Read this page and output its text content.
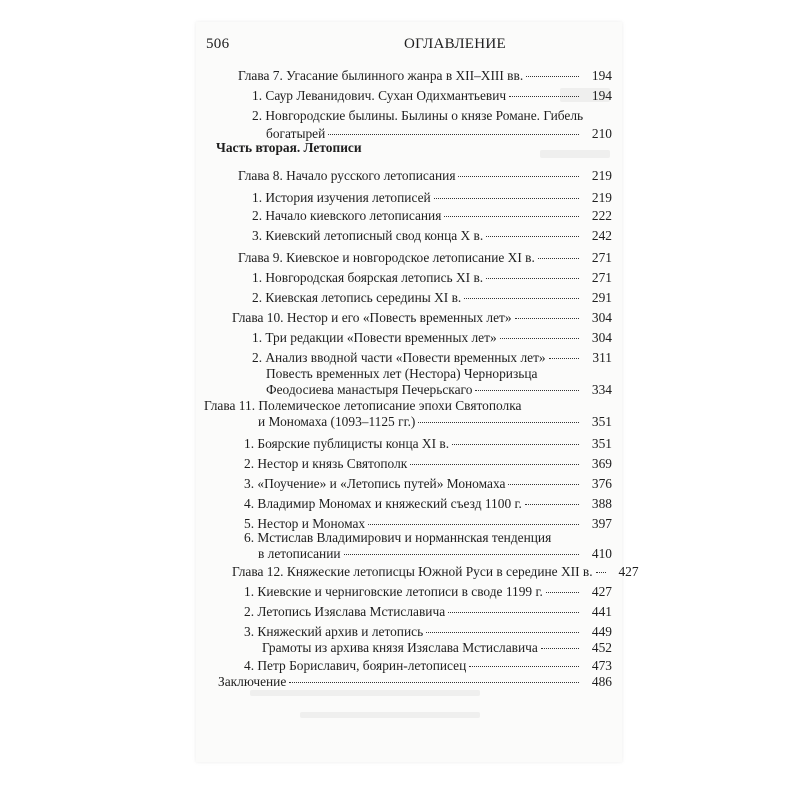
506	ОГЛАВЛЕНИЕ
Глава 7. Угасание былинного жанра в XII–XIII вв.	194
1. Саур Леванидович. Сухан Одихмантьевич	194
2. Новгородские былины. Былины о князе Романе. Гибель
богатырей	210
Часть вторая. Летописи
Глава 8. Начало русского летописания	219
1. История изучения летописей	219
2. Начало киевского летописания	222
3. Киевский летописный свод конца X в.	242
Глава 9. Киевское и новгородское летописание XI в.	271
1. Новгородская боярская летопись XI в.	271
2. Киевская летопись середины XI в.	291
Глава 10. Нестор и его «Повесть временных лет»	304
1. Три редакции «Повести временных лет»	304
2. Анализ вводной части «Повести временных лет»	311
Повесть временных лет (Нестора) Черноризьца
Феодосиева манастыря Печерьскаго	334
Глава 11. Полемическое летописание эпохи Святополка
и Мономаха (1093–1125 гг.)	351
1. Боярские публицисты конца XI в.	351
2. Нестор и князь Святополк	369
3. «Поучение» и «Летопись путей» Мономаха	376
4. Владимир Мономах и княжеский съезд 1100 г.	388
5. Нестор и Мономах	397
6. Мстислав Владимирович и норманнская тенденция
в летописании	410
Глава 12. Княжеские летописцы Южной Руси в середине XII в.	427
1. Киевские и черниговские летописи в своде 1199 г.	427
2. Летопись Изяслава Мстиславича	441
3. Княжеский архив и летопись	449
Грамоты из архива князя Изяслава Мстиславича	452
4. Петр Бориславич, боярин-летописец	473
Заключение	486
